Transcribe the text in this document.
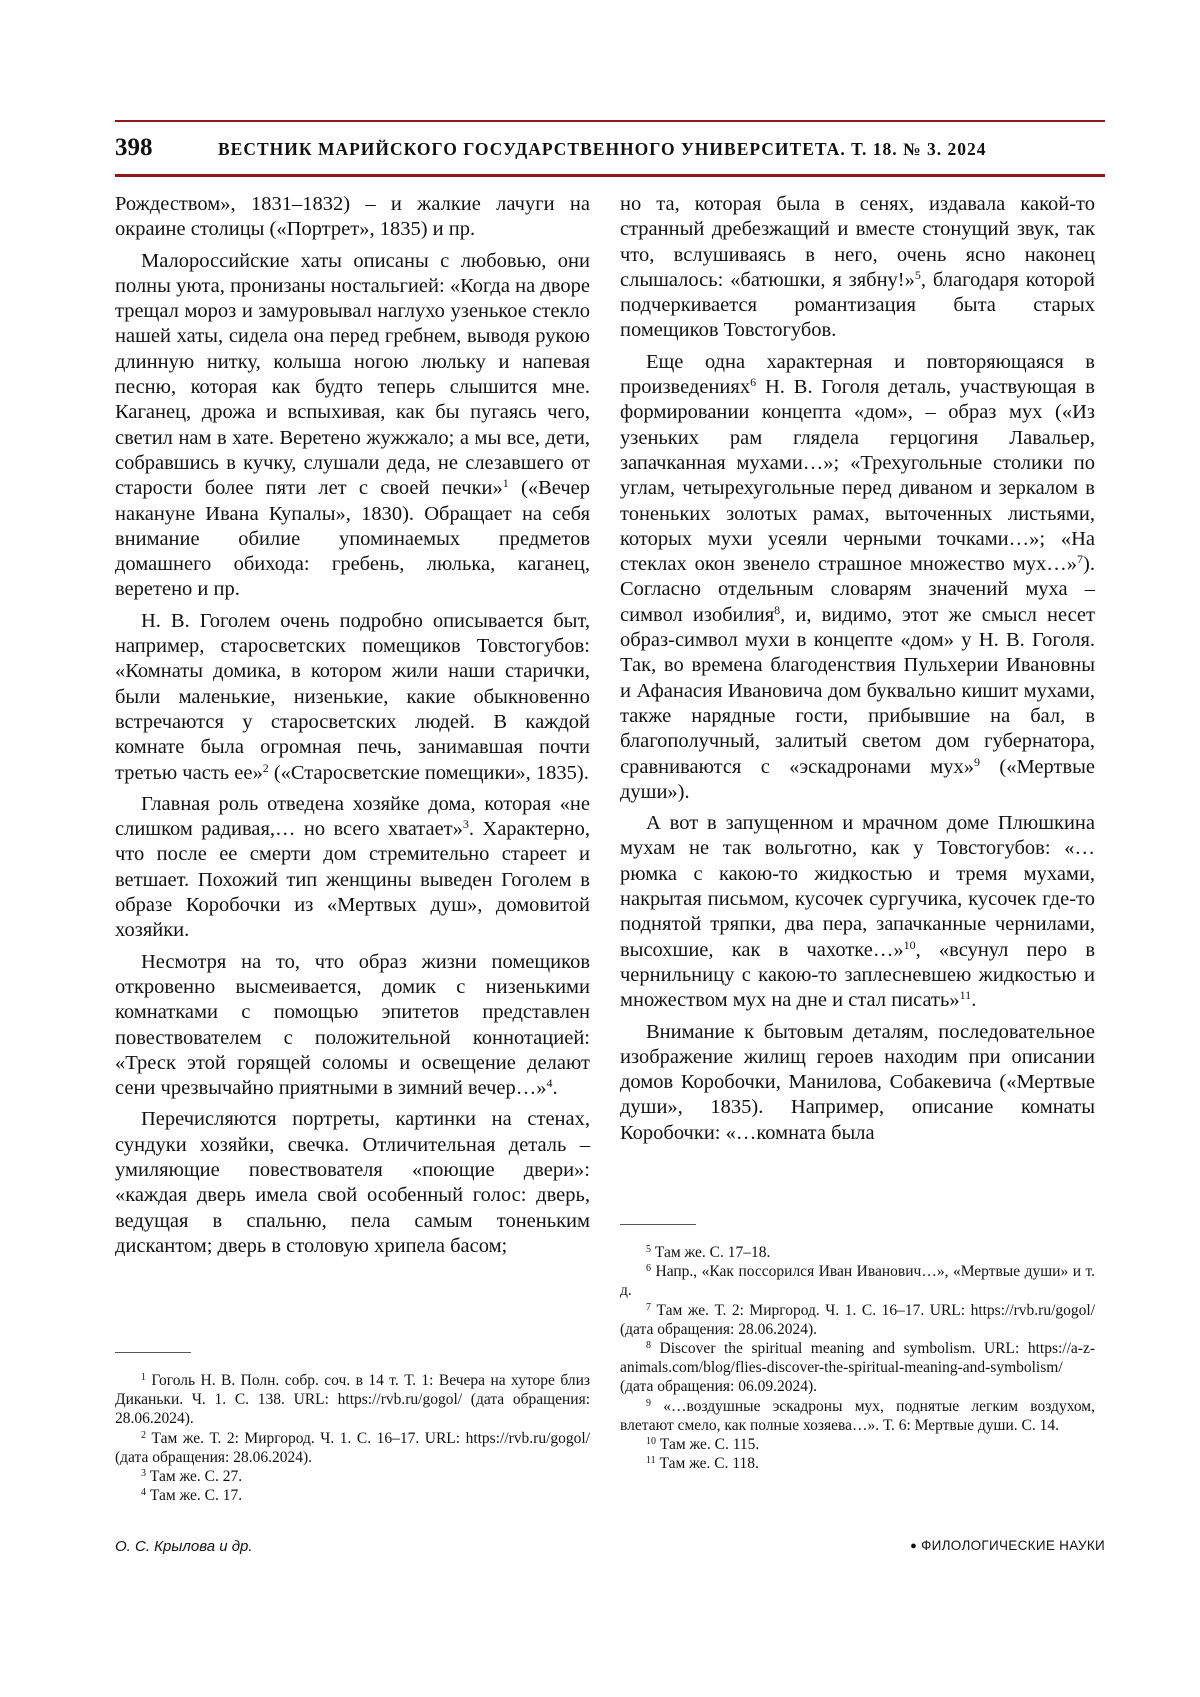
398	ВЕСТНИК МАРИЙСКОГО ГОСУДАРСТВЕННОГО УНИВЕРСИТЕТА. Т. 18. № 3. 2024

Рождеством», 1831–1832) – и жалкие лачуги на окраине столицы («Портрет», 1835) и пр.

Малороссийские хаты описаны с любовью, они полны уюта, пронизаны ностальгией: «Когда на дворе трещал мороз и замуровывал наглухо узенькое стекло нашей хаты, сидела она перед гребнем, выводя рукою длинную нитку, колыша ногою люльку и напевая песню, которая как будто теперь слышится мне. Каганец, дрожа и вспыхивая, как бы пугаясь чего, светил нам в хате. Веретено жужжало; а мы все, дети, собравшись в кучку, слушали деда, не слезавшего от старости более пяти лет с своей печки»$^1$ («Вечер накануне Ивана Купалы», 1830). Обращает на себя внимание обилие упоминаемых предметов домашнего обихода: гребень, люлька, каганец, веретено и пр.

Н. В. Гоголем очень подробно описывается быт, например, старосветских помещиков Товстогубов: «Комнаты домика, в котором жили наши старички, были маленькие, низенькие, какие обыкновенно встречаются у старосветских людей. В каждой комнате была огромная печь, занимавшая почти третью часть ее»$^2$ («Старосветские помещики», 1835).

Главная роль отведена хозяйке дома, которая «не слишком радивая,… но всего хватает»$^3$. Характерно, что после ее смерти дом стремительно стареет и ветшает. Похожий тип женщины выведен Гоголем в образе Коробочки из «Мертвых душ», домовитой хозяйки.

Несмотря на то, что образ жизни помещиков откровенно высмеивается, домик с низенькими комнатками с помощью эпитетов представлен повествователем с положительной коннотацией: «Треск этой горящей соломы и освещение делают сени чрезвычайно приятными в зимний вечер…»$^4$.

Перечисляются портреты, картинки на стенах, сундуки хозяйки, свечка. Отличительная деталь – умиляющие повествователя «поющие двери»: «каждая дверь имела свой особенный голос: дверь, ведущая в спальню, пела самым тоненьким дискантом; дверь в столовую хрипела басом;

но та, которая была в сенях, издавала какой-то странный дребезжащий и вместе стонущий звук, так что, вслушиваясь в него, очень ясно наконец слышалось: «батюшки, я зябну!»$^5$, благодаря которой подчеркивается романтизация быта старых помещиков Товстогубов.

Еще одна характерная и повторяющаяся в произведениях$^6$ Н. В. Гоголя деталь, участвующая в формировании концепта «дом», – образ мух («Из узеньких рам глядела герцогиня Лавальер, запачканная мухами…»; «Трехугольные столики по углам, четырехугольные перед диваном и зеркалом в тоненьких золотых рамах, выточенных листьями, которых мухи усеяли черными точками…»; «На стеклах окон звенело страшное множество мух…»$^7$). Согласно отдельным словарям значений муха – символ изобилия$^8$, и, видимо, этот же смысл несет образ-символ мухи в концепте «дом» у Н. В. Гоголя. Так, во времена благоденствия Пульхерии Ивановны и Афанасия Ивановича дом буквально кишит мухами, также нарядные гости, прибывшие на бал, в благополучный, залитый светом дом губернатора, сравниваются с «эскадронами мух»$^9$ («Мертвые души»).

А вот в запущенном и мрачном доме Плюшкина мухам не так вольготно, как у Товстогубов: «… рюмка с какою-то жидкостью и тремя мухами, накрытая письмом, кусочек сургучика, кусочек где-то поднятой тряпки, два пера, запачканные чернилами, высохшие, как в чахотке…»$^{10}$, «всунул перо в чернильницу с какою-то заплесневшею жидкостью и множеством мух на дне и стал писать»$^{11}$.

Внимание к бытовым деталям, последовательное изображение жилищ героев находим при описании домов Коробочки, Манилова, Собакевича («Мертвые души», 1835). Например, описание комнаты Коробочки: «…комната была

$^1$ Гоголь Н. В. Полн. собр. соч. в 14 т. Т. 1: Вечера на хуторе близ Диканьки. Ч. 1. С. 138. URL: https://rvb.ru/gogol/ (дата обращения: 28.06.2024).

$^2$ Там же. Т. 2: Миргород. Ч. 1. С. 16–17. URL: https://rvb.ru/gogol/ (дата обращения: 28.06.2024).

$^3$ Там же. С. 27.

$^4$ Там же. С. 17.

$^5$ Там же. С. 17–18.

$^6$ Напр., «Как поссорился Иван Иванович…», «Мертвые души» и т. д.

$^7$ Там же. Т. 2: Миргород. Ч. 1. С. 16–17. URL: https://rvb.ru/gogol/ (дата обращения: 28.06.2024).

$^8$ Discover the spiritual meaning and symbolism. URL: https://a-z-animals.com/blog/flies-discover-the-spiritual-meaning-and-symbolism/ (дата обращения: 06.09.2024).

$^9$ «…воздушные эскадроны мух, поднятые легким воздухом, влетают смело, как полные хозяева…». Т. 6: Мертвые души. С. 14.

$^{10}$ Там же. С. 115.

$^{11}$ Там же. С. 118.

О. С. Крылова и др.	● ФИЛОЛОГИЧЕСКИЕ НАУКИ
